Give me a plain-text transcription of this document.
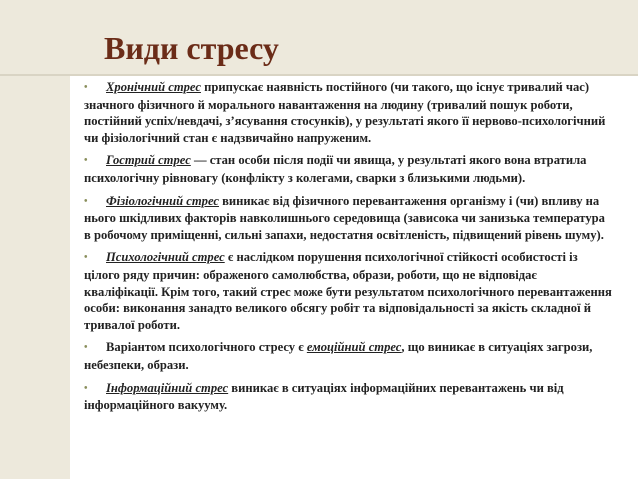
Види стресу

• Хронічний стрес припускає наявність постійного (чи такого, що існує тривалий час) значного фізичного й морального навантаження на людину (тривалий пошук роботи, постійний успіх/невдачі, з’ясування стосунків), у результаті якого її нервово-психологічний чи фізіологічний стан є надзвичайно напруженим.

• Гострий стрес — стан особи після події чи явища, у результаті якого вона втратила психологічну рівновагу (конфлікту з колегами, сварки з близькими людьми).

• Фізіологічний стрес виникає від фізичного перевантаження організму і (чи) впливу на нього шкідливих факторів навколишнього середовища (зависока чи занизька температура в робочому приміщенні, сильні запахи, недостатня освітленість, підвищений рівень шуму).

• Психологічний стрес є наслідком порушення психологічної стійкості особистості із цілого ряду причин: ображеного самолюбства, образи, роботи, що не відповідає кваліфікації. Крім того, такий стрес може бути результатом психологічного перевантаження особи: виконання занадто великого обсягу робіт та відповідальності за якість складної й тривалої роботи.

• Варіантом психологічного стресу є емоційний стрес, що виникає в ситуаціях загрози, небезпеки, образи.

• Інформаційний стрес виникає в ситуаціях інформаційних перевантажень чи від інформаційного вакууму.
